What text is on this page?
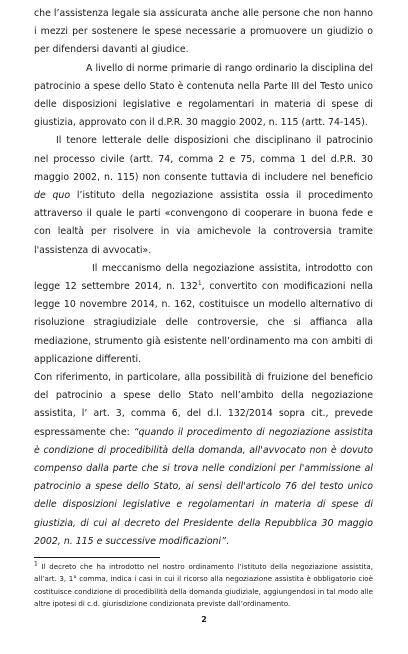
che l’assistenza legale sia assicurata anche alle persone che non hanno i mezzi per sostenere le spese necessarie a promuovere un giudizio o per difendersi davanti al giudice.

A livello di norme primarie di rango ordinario la disciplina del patrocinio a spese dello Stato è contenuta nella Parte III del Testo unico delle disposizioni legislative e regolamentari in materia di spese di giustizia, approvato con il d.P.R. 30 maggio 2002, n. 115 (artt. 74-145).

Il tenore letterale delle disposizioni che disciplinano il patrocinio nel processo civile (artt. 74, comma 2 e 75, comma 1 del d.P.R. 30 maggio 2002, n. 115) non consente tuttavia di includere nel beneficio de quo l’istituto della negoziazione assistita ossia il procedimento attraverso il quale le parti «convengono di cooperare in buona fede e con lealtà per risolvere in via amichevole la controversia tramite l'assistenza di avvocati».

Il meccanismo della negoziazione assistita, introdotto con legge 12 settembre 2014, n. $132^1$, convertito con modificazioni nella legge 10 novembre 2014, n. 162, costituisce un modello alternativo di risoluzione stragiudiziale delle controversie, che si affianca alla mediazione, strumento già esistente nell’ordinamento ma con ambiti di applicazione differenti.

Con riferimento, in particolare, alla possibilità di fruizione del beneficio del patrocinio a spese dello Stato nell’ambito della negoziazione assistita, l’ art. 3, comma 6, del d.l. 132/2014 sopra cit., prevede espressamente che: “quando il procedimento di negoziazione assistita è condizione di procedibilità della domanda, all'avvocato non è dovuto compenso dalla parte che si trova nelle condizioni per l'ammissione al patrocinio a spese dello Stato, ai sensi dell'articolo 76 del testo unico delle disposizioni legislative e regolamentari in materia di spese di giustizia, di cui al decreto del Presidente della Repubblica 30 maggio 2002, n. 115 e successive modificazioni”.

$^1$ Il decreto che ha introdotto nel nostro ordinamento l’istituto della negoziazione assistita, all’art. 3, 1° comma, indica i casi in cui il ricorso alla negoziazione assistita è obbligatorio cioè costituisce condizione di procedibilità della domanda giudiziale, aggiungendosi in tal modo alle altre ipotesi di c.d. giurisdizione condizionata previste dall’ordinamento.

2
